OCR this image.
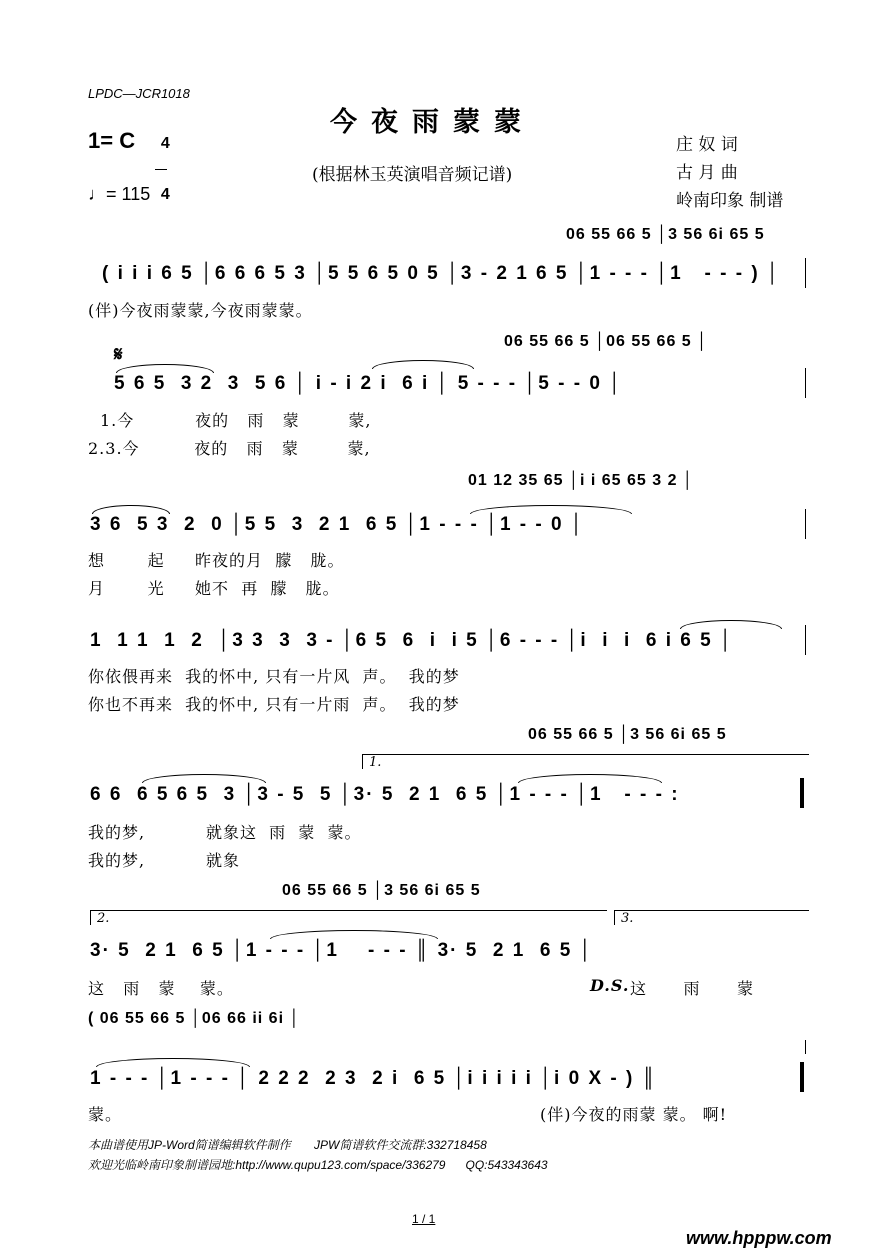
LPDC—JCR1018
今夜雨蒙蒙
(根据林玉英演唱音频记谱)
1= C	4

4

♩= 115
庄 奴 词
古 月 曲
岭南印象 制谱
06 55 66 5 │3 56 6i 65 5
( i i i 6 5 │6 6 6 5 3 │5 5 6 5 0 5 │3 - 2 1 6 5 │1 - - - │1   - - - ) │
(伴)今夜雨蒙蒙,今夜雨蒙蒙。
06 55 66 5 │06 55 66 5 │
𝄋
5 6 5  3 2  3  5 6 │ i - i 2 i  6 i │ 5 - - - │5 - - 0 │
1.今          夜的   雨   蒙        蒙,
2.3.今         夜的   雨   蒙        蒙,
01 12 35 65 │i i 65 65 3 2 │
3 6  5 3  2  0 │5 5  3  2 1  6 5 │1 - - - │1 - - 0 │
想       起     昨夜的月  朦   胧。
月       光     她不  再  朦   胧。
1  1 1  1  2  │3 3  3  3 - │6 5  6  i  i 5 │6 - - - │i  i  i  6 i 6 5 │
你依偎再来  我的怀中, 只有一片风  声。  我的梦
你也不再来  我的怀中, 只有一片雨  声。  我的梦
06 55 66 5 │3 56 6i 65 5
1.
6 6  6 5 6 5  3 │3 - 5  5 │3· 5  2 1  6 5 │1 - - - │1   - - - :
我的梦,          就象这  雨  蒙  蒙。
我的梦,          就象
06 55 66 5 │3 56 6i 65 5
2.	3.
3· 5  2 1  6 5 │1 - - - │1    - - - ║ 3· 5  2 1  6 5 │
这   雨   蒙    蒙。	D.S. 这      雨      蒙
( 06 55 66 5 │06 66 ii 6i │
1 - - - │1 - - - │ 2 2 2  2 3  2 i  6 5 │i i i i i │i 0 X - ) ║
蒙。	(伴)今夜的雨蒙 蒙。 啊!
本曲谱使用JP-Word简谱编辑软件制作       JPW简谱软件交流群:332718458
欢迎光临岭南印象制谱园地:http://www.qupu123.com/space/336279      QQ:543343643
1 / 1
www.hpppw.com
